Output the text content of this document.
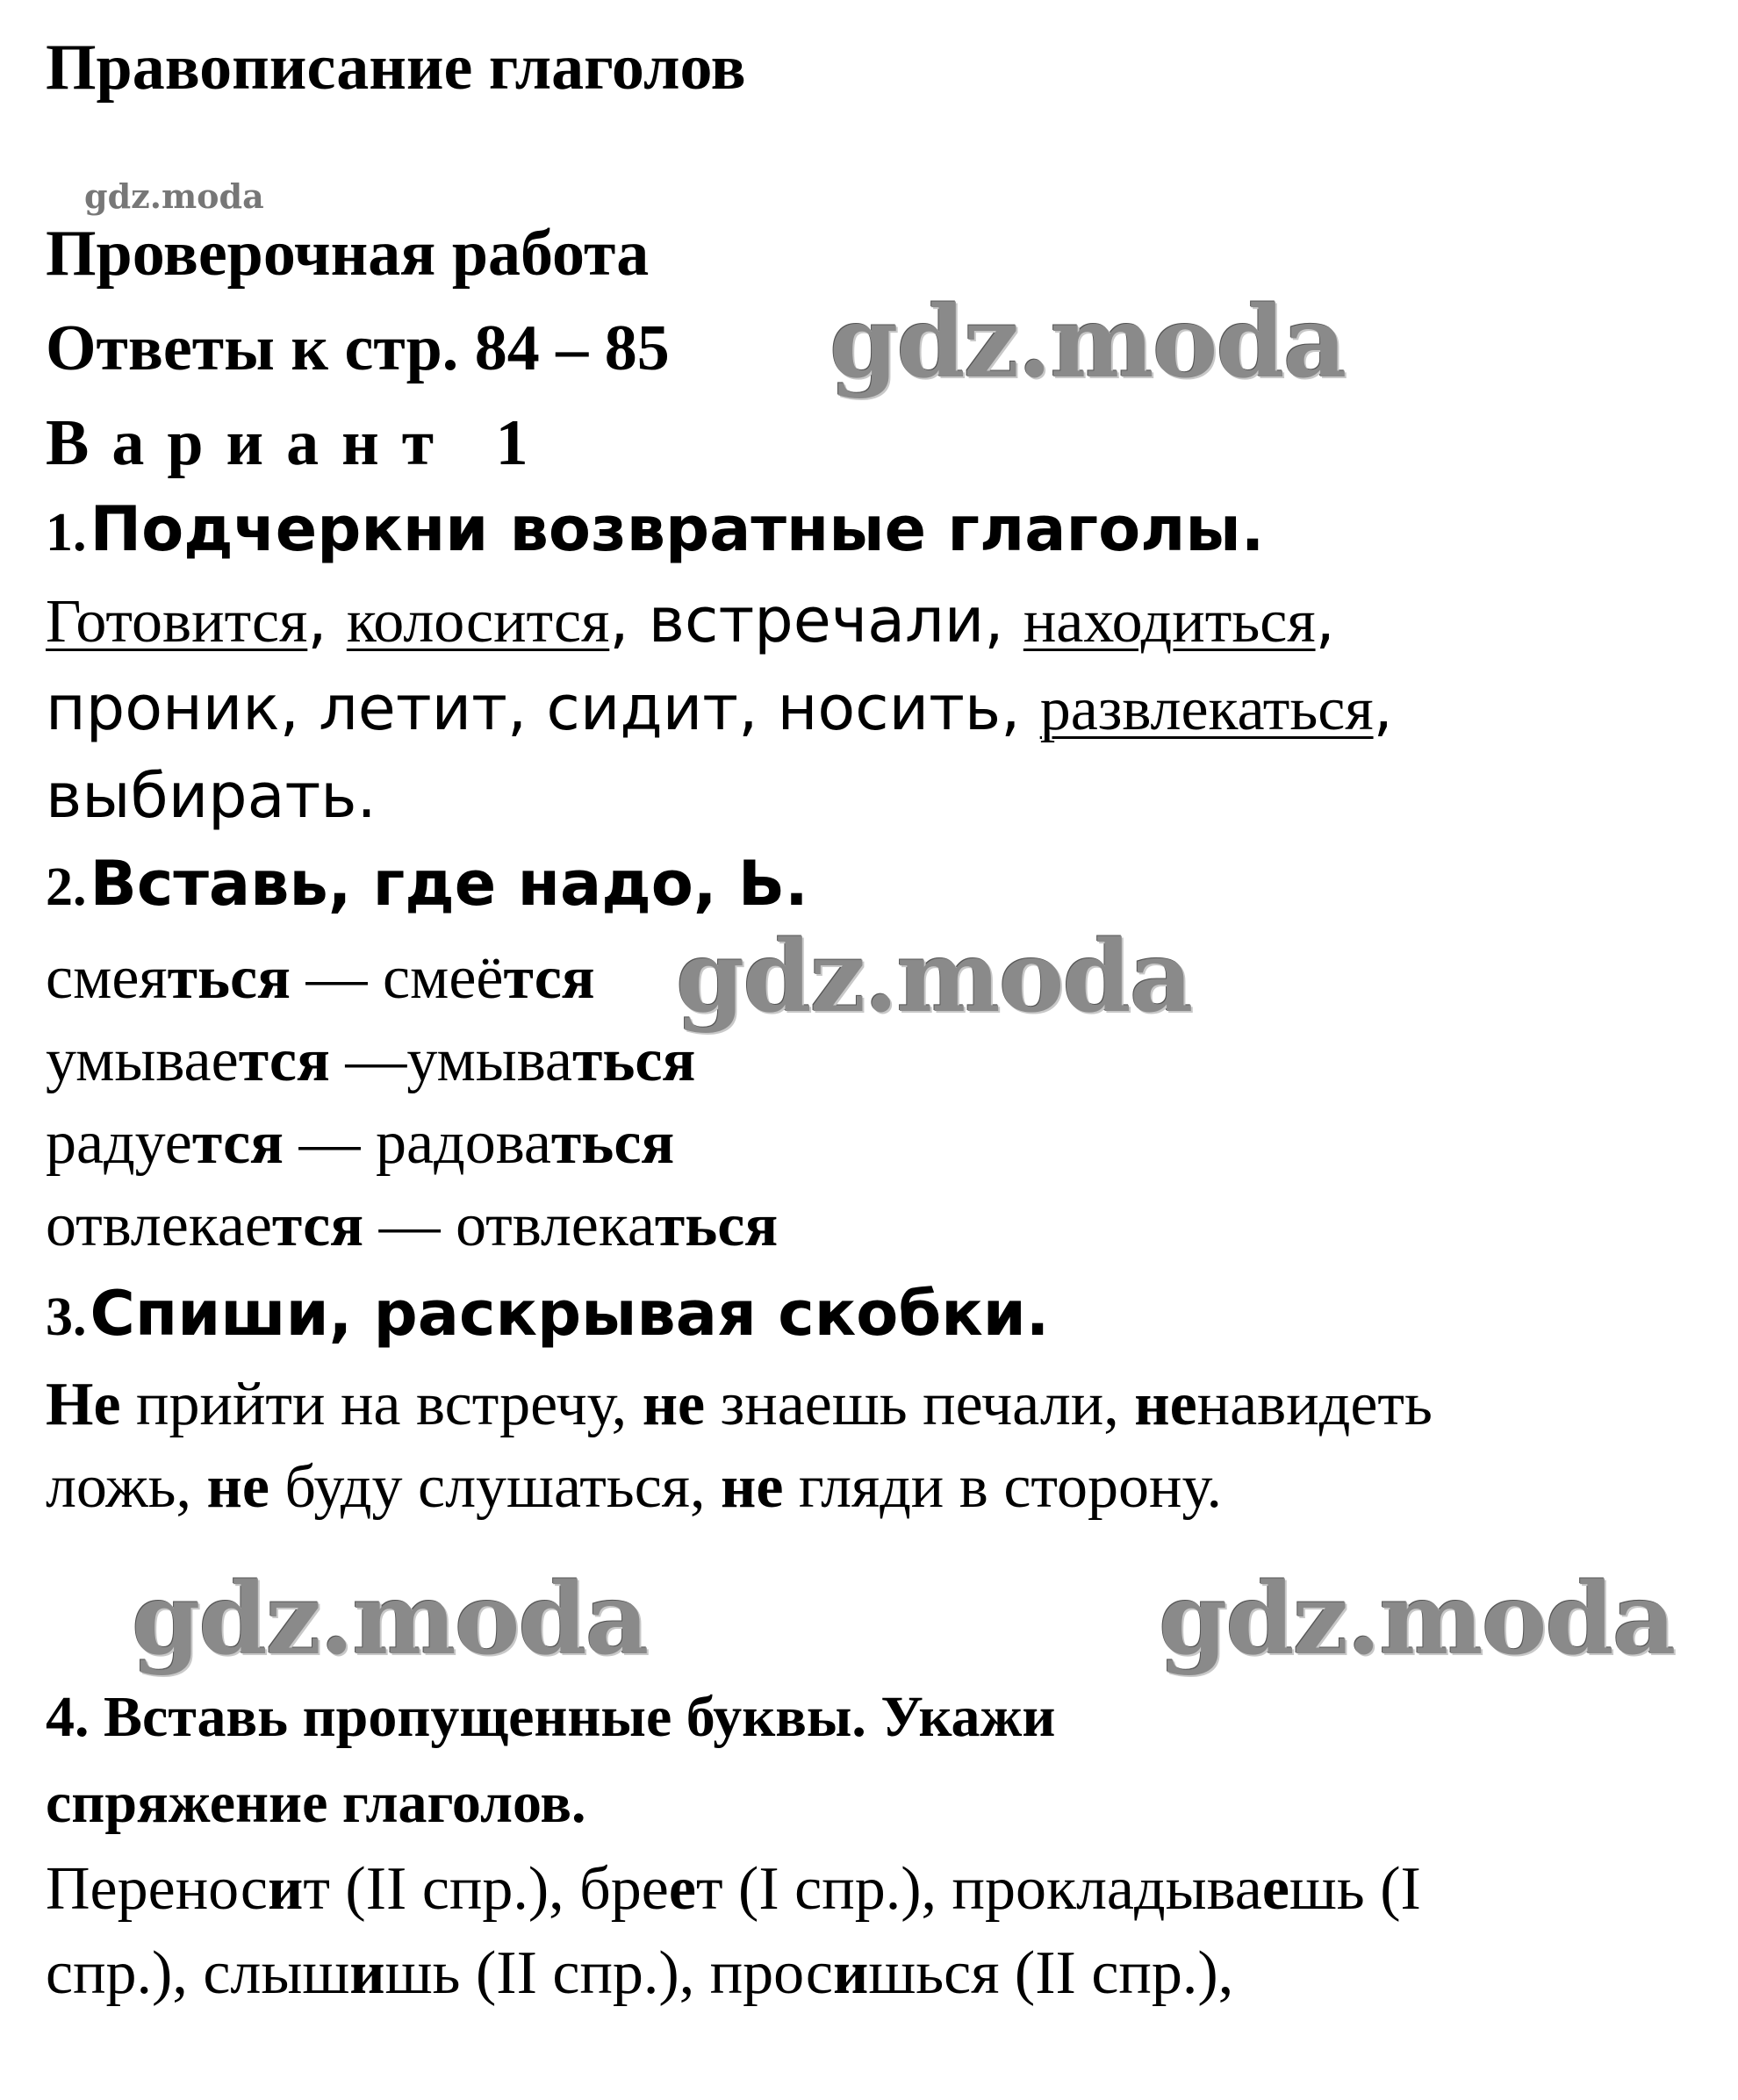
Правописание глаголов
gdz.moda
Проверочная работа
Ответы к стр. 84 – 85 gdz.moda
Вариант 1
1. Подчеркни возвратные глаголы.
Готовится, колосится, встречали, находиться,
проник, летит, сидит, носить, развлекаться,
выбирать.
2. Вставь, где надо, Ь.
смеяться — смеётся gdz.moda
умывается —умываться
радуется — радоваться
отвлекается — отвлекаться
3. Спиши, раскрывая скобки.
Не прийти на встречу, не знаешь печали, ненавидеть
ложь, не буду слушаться, не гляди в сторону.
gdz.moda	gdz.moda
4. Вставь пропущенные буквы. Укажи
спряжение глаголов.
Переносит (II спр.), бреет (I спр.), прокладываешь (I
спр.), слышишь (II спр.), просишься (II спр.),
